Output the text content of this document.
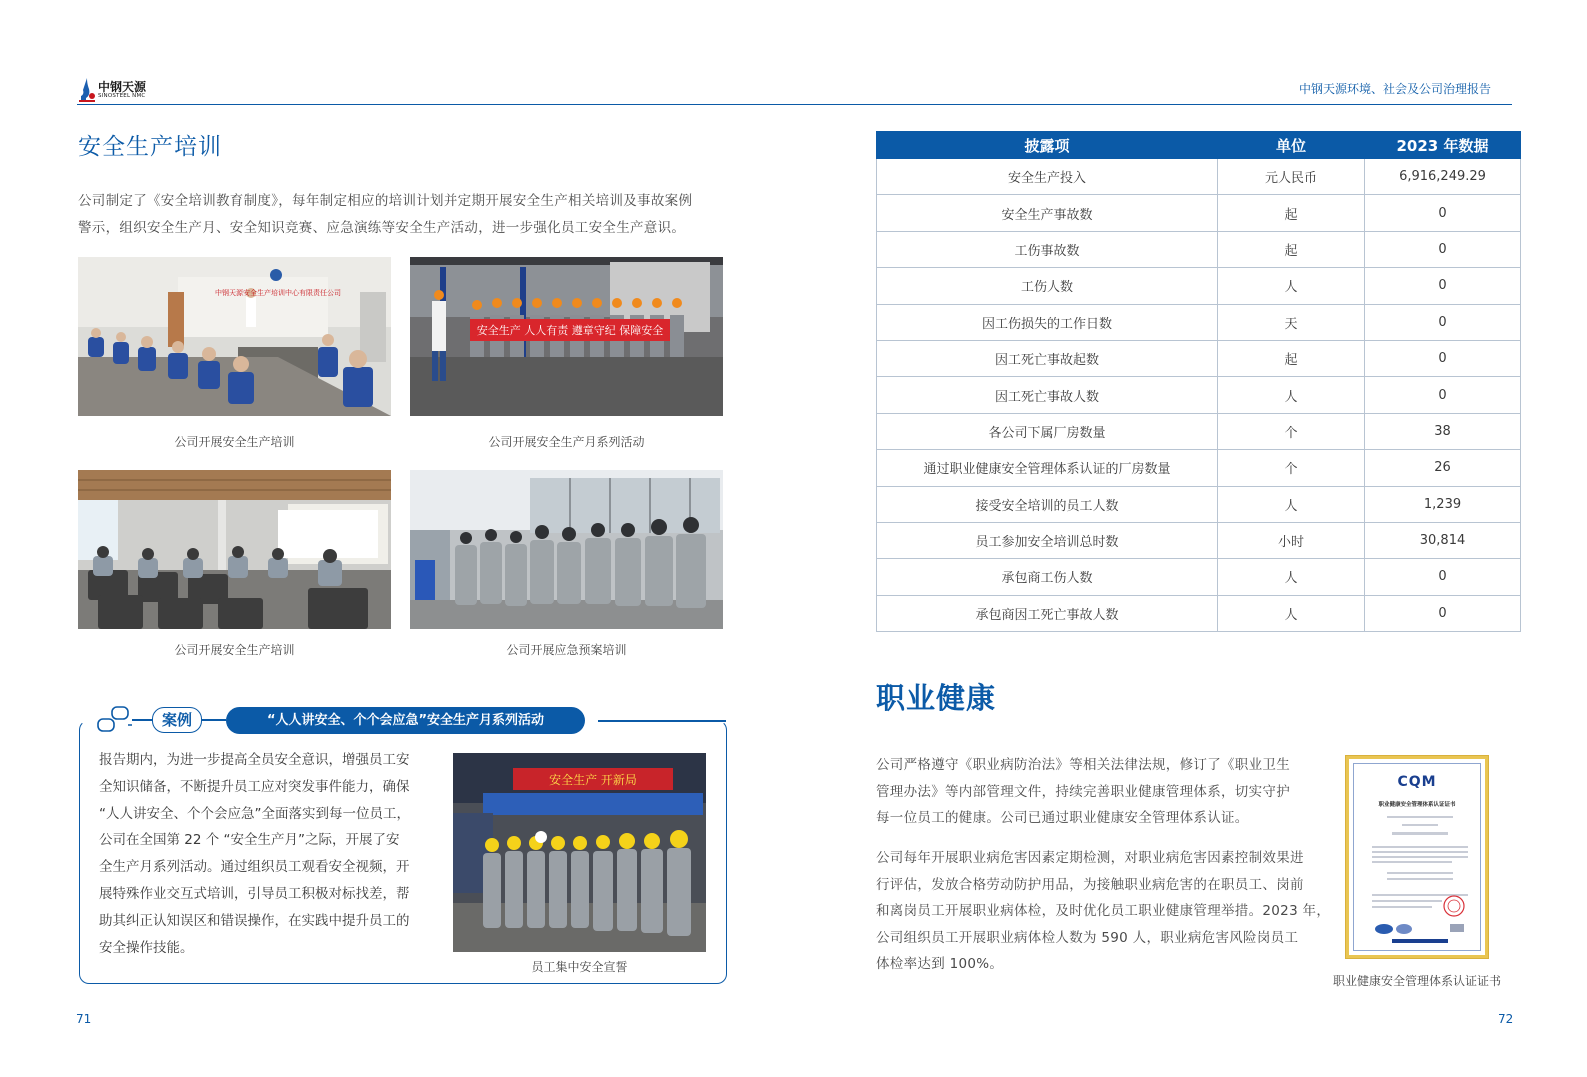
中钢天源
SINOSTEEL NMC	中钢天源环境、社会及公司治理报告
安全生产培训
公司制定了《安全培训教育制度》，每年制定相应的培训计划并定期开展安全生产相关培训及事故案例
警示，组织安全生产月、安全知识竞赛、应急演练等安全生产活动，进一步强化员工安全生产意识。
中钢天源安全生产培训中心有限责任公司
安全生产 人人有责 遵章守纪 保障安全
公司开展安全生产培训	公司开展安全生产月系列活动
公司开展安全生产培训	公司开展应急预案培训
案例	“人人讲安全、个个会应急”安全生产月系列活动
报告期内，为进一步提高全员安全意识，增强员工安
全知识储备，不断提升员工应对突发事件能力，确保
“人人讲安全、个个会应急”全面落实到每一位员工，
公司在全国第 22 个 “安全生产月”之际，开展了安
全生产月系列活动。通过组织员工观看安全视频，开
展特殊作业交互式培训，引导员工积极对标找差，帮
助其纠正认知误区和错误操作，在实践中提升员工的
安全操作技能。
安全生产 开新局
员工集中安全宣誓
披露项	单位	2023 年数据
安全生产投入	元人民币	6,916,249.29
安全生产事故数	起	0
工伤事故数	起	0
工伤人数	人	0
因工伤损失的工作日数	天	0
因工死亡事故起数	起	0
因工死亡事故人数	人	0
各公司下属厂房数量	个	38
通过职业健康安全管理体系认证的厂房数量	个	26
接受安全培训的员工人数	人	1,239
员工参加安全培训总时数	小时	30,814
承包商工伤人数	人	0
承包商因工死亡事故人数	人	0
职业健康
公司严格遵守《职业病防治法》等相关法律法规，修订了《职业卫生
管理办法》等内部管理文件，持续完善职业健康管理体系，切实守护
每一位员工的健康。公司已通过职业健康安全管理体系认证。
公司每年开展职业病危害因素定期检测，对职业病危害因素控制效果进
行评估，发放合格劳动防护用品，为接触职业病危害的在职员工、岗前
和离岗员工开展职业病体检，及时优化员工职业健康管理举措。2023 年，
公司组织员工开展职业病体检人数为 590 人，职业病危害风险岗员工
体检率达到 100%。
CQM
职业健康安全管理体系认证证书
职业健康安全管理体系认证证书
71	72
